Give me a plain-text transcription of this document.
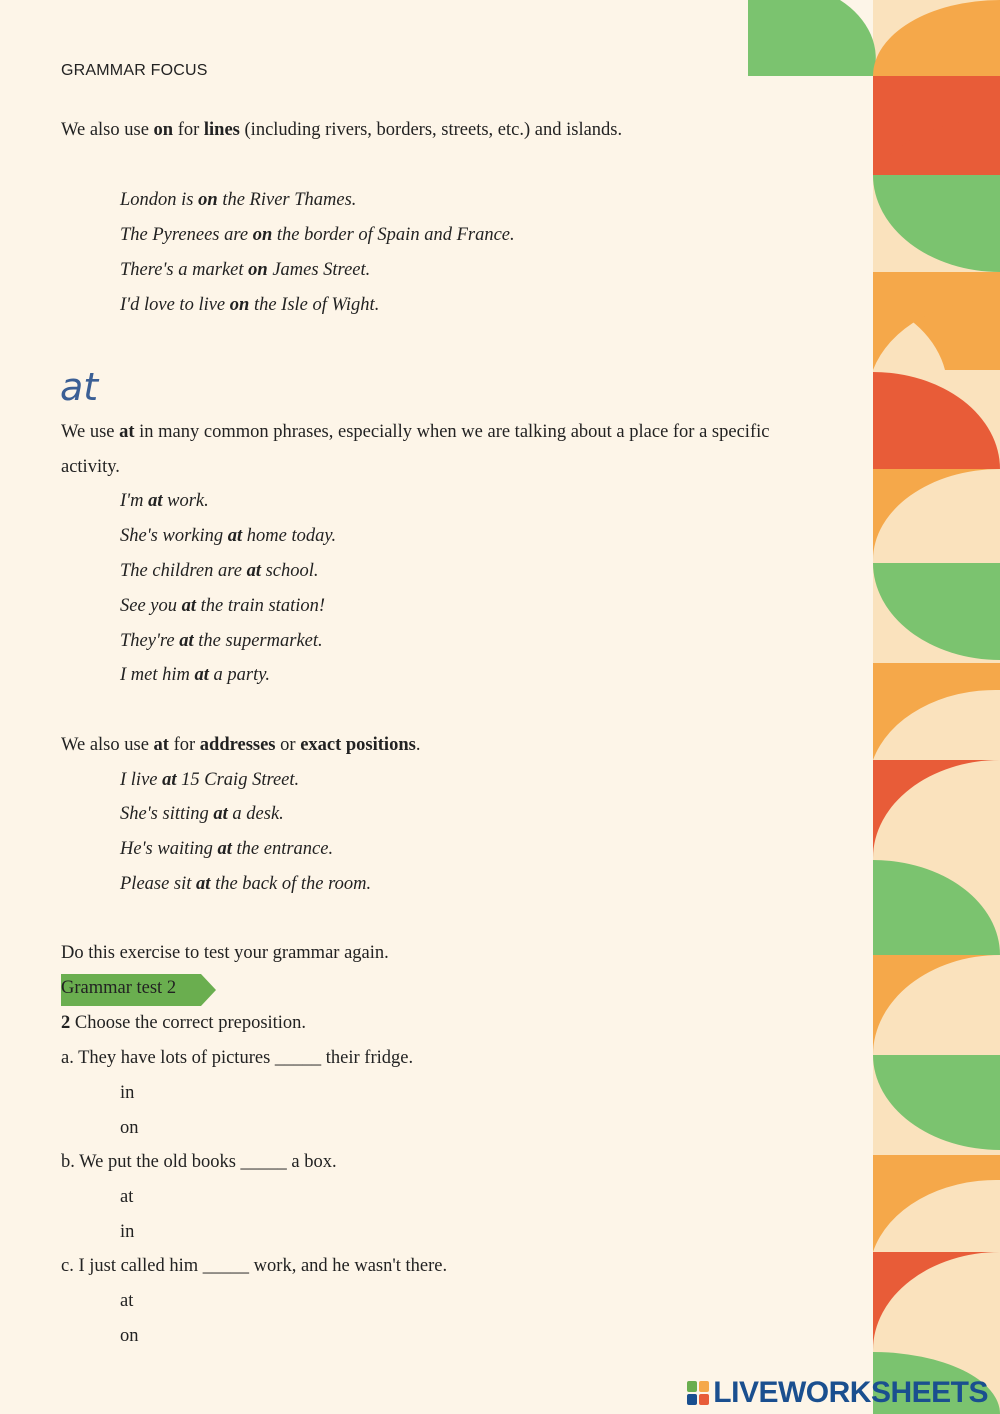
GRAMMAR FOCUS
We also use on for lines (including rivers, borders, streets, etc.) and islands.
London is on the River Thames.
The Pyrenees are on the border of Spain and France.
There's a market on James Street.
I'd love to live on the Isle of Wight.
at
We use at in many common phrases, especially when we are talking about a place for a specific
activity.
I'm at work.
She's working at home today.
The children are at school.
See you at the train station!
They're at the supermarket.
I met him at a party.
We also use at for addresses or exact positions.
I live at 15 Craig Street.
She's sitting at a desk.
He's waiting at the entrance.
Please sit at the back of the room.
Do this exercise to test your grammar again.
Grammar test 2
2 Choose the correct preposition.
a. They have lots of pictures _____ their fridge.
in
on
b. We put the old books _____ a box.
at
in
c. I just called him _____ work, and he wasn't there.
at
on
LIVEWORKSHEETS
